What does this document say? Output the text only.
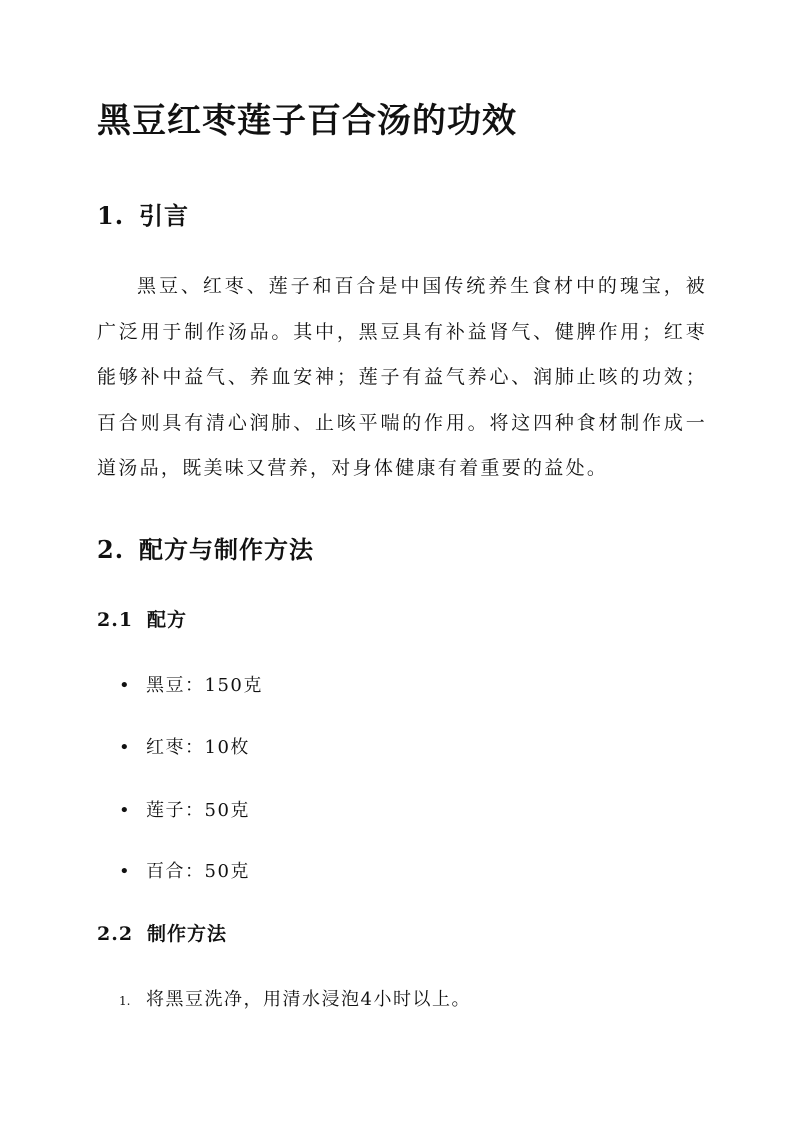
黑豆红枣莲子百合汤的功效
1. 引言

黑豆、红枣、莲子和百合是中国传统养生食材中的瑰宝，被广泛用于制作汤品。其中，黑豆具有补益肾气、健脾作用；红枣能够补中益气、养血安神；莲子有益气养心、润肺止咳的功效；百合则具有清心润肺、止咳平喘的作用。将这四种食材制作成一道汤品，既美味又营养，对身体健康有着重要的益处。

2. 配方与制作方法
2.1 配方
• 黑豆：150克
• 红枣：10枚
• 莲子：50克
• 百合：50克
2.2 制作方法
1. 将黑豆洗净，用清水浸泡4小时以上。
